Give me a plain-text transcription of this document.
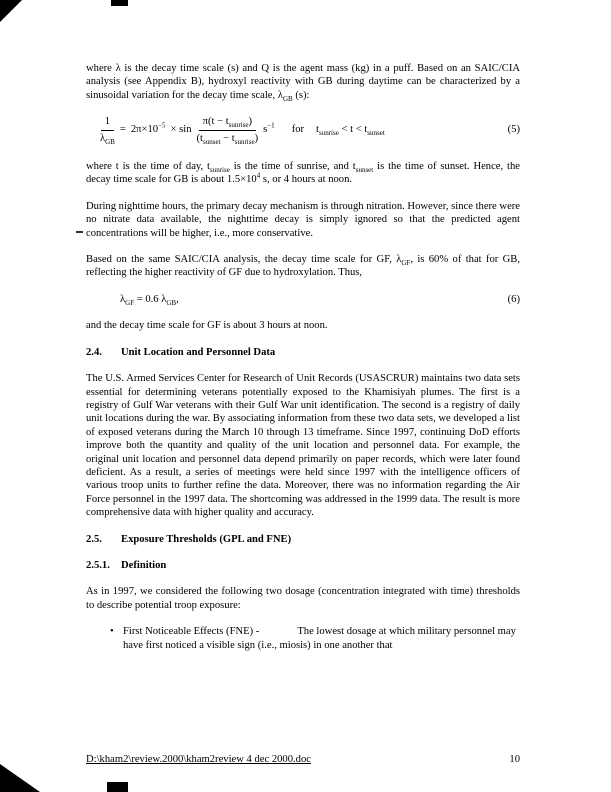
where λ is the decay time scale (s) and Q is the agent mass (kg) in a puff. Based on an SAIC/CIA analysis (see Appendix B), hydroxyl reactivity with GB during daytime can be characterized by a sinusoidal variation for the decay time scale, $\lambda_{GB}$ (s):

$\frac{1}{\lambda_{GB}} = 2\pi\times 10^{-5} \times \sin \frac{\pi(t - t_{sunrise})}{(t_{sunset} - t_{sunrise})} s^{-1}$ for $t_{sunrise} < t < t_{sunset}$	(5)

where t is the time of day, $t_{sunrise}$ is the time of sunrise, and $t_{sunset}$ is the time of sunset. Hence, the decay time scale for GB is about $1.5\times 10^4$ s, or 4 hours at noon.

During nighttime hours, the primary decay mechanism is through nitration. However, since there were no nitrate data available, the nighttime decay is simply ignored so that the predicted agent concentrations will be higher, i.e., more conservative.

Based on the same SAIC/CIA analysis, the decay time scale for GF, $\lambda_{GF}$, is 60% of that for GB, reflecting the higher reactivity of GF due to hydroxylation. Thus,

$\lambda_{GF} = 0.6$ $\lambda_{GB}$,	(6)

and the decay time scale for GF is about 3 hours at noon.

2.4.	Unit Location and Personnel Data

The U.S. Armed Services Center for Research of Unit Records (USASCRUR) maintains two data sets essential for determining veterans potentially exposed to the Khamisiyah plumes. The first is a registry of Gulf War veterans with their Gulf War unit identification. The second is a registry of daily unit locations during the war. By associating information from these two data sets, we developed a list of exposed veterans during the March 10 through 13 timeframe. Since 1997, continuing DoD efforts improve both the quantity and quality of the unit location and personnel data. For example, the original unit location and personnel data depend primarily on paper records, which were later found deficient. As a result, a series of meetings were held since 1997 with the intelligence officers of various troop units to further refine the data. Moreover, there was no information regarding the Air Force personnel in the 1997 data. The shortcoming was addressed in the 1999 data. The result is more comprehensive data with higher quality and accuracy.

2.5.	Exposure Thresholds (GPL and FNE)
2.5.1.	Definition

As in 1997, we considered the following two dosage (concentration integrated with time) thresholds to describe potential troop exposure:

• First Noticeable Effects (FNE) -	The lowest dosage at which military personnel may have first noticed a visible sign (i.e., miosis) in one another that
D:\kham2\review.2000\kham2review 4 dec 2000.doc	10
